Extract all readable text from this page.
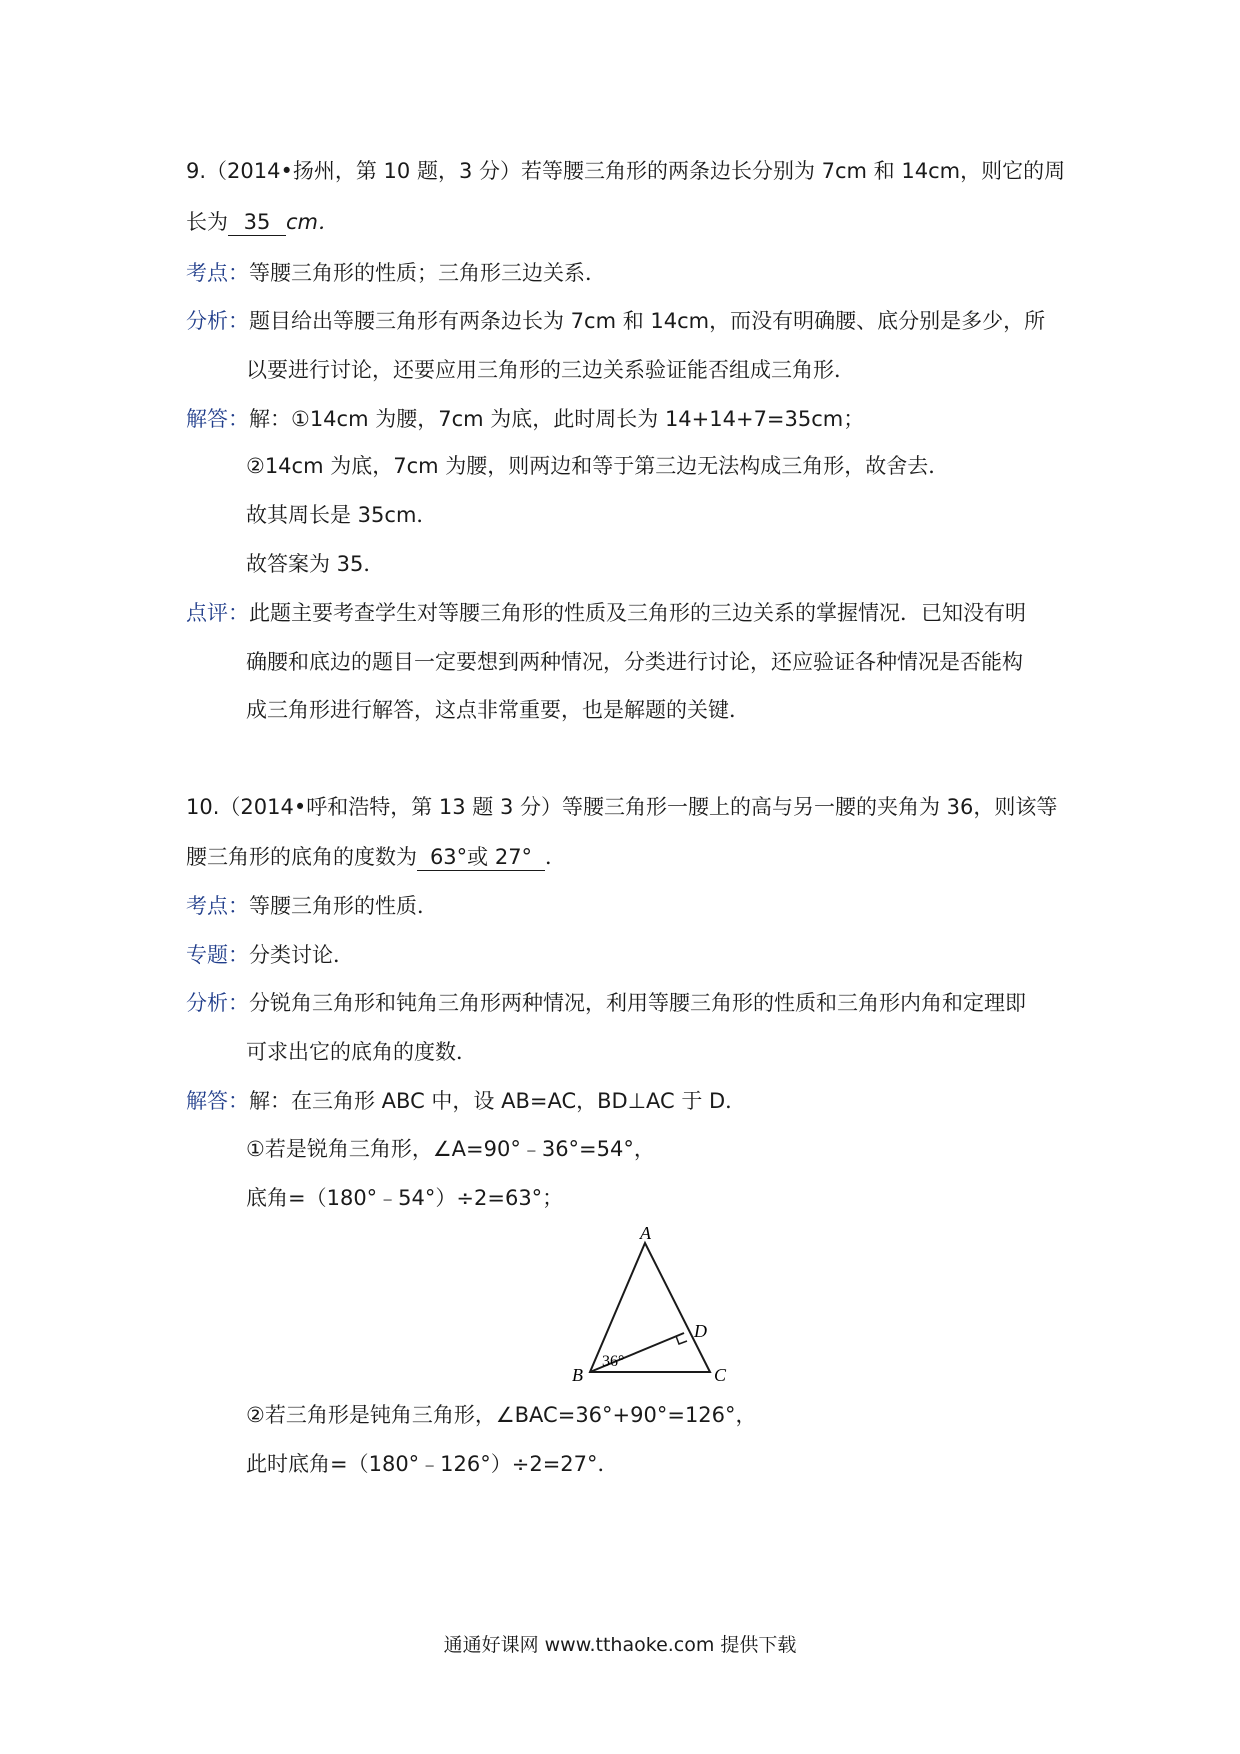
9.（2014•扬州，第 10 题，3 分）若等腰三角形的两条边长分别为 7cm 和 14cm，则它的周
长为 35 cm．
考点：等腰三角形的性质；三角形三边关系．
分析：题目给出等腰三角形有两条边长为 7cm 和 14cm，而没有明确腰、底分别是多少，所
以要进行讨论，还要应用三角形的三边关系验证能否组成三角形．
解答：解：①14cm 为腰，7cm 为底，此时周长为 14+14+7=35cm；
②14cm 为底，7cm 为腰，则两边和等于第三边无法构成三角形，故舍去．
故其周长是 35cm．
故答案为 35．
点评：此题主要考查学生对等腰三角形的性质及三角形的三边关系的掌握情况．已知没有明
确腰和底边的题目一定要想到两种情况，分类进行讨论，还应验证各种情况是否能构
成三角形进行解答，这点非常重要，也是解题的关键．
10.（2014•呼和浩特，第 13 题 3 分）等腰三角形一腰上的高与另一腰的夹角为 36，则该等
腰三角形的底角的度数为 63°或 27° ．
考点：等腰三角形的性质．
专题：分类讨论．
分析：分锐角三角形和钝角三角形两种情况，利用等腰三角形的性质和三角形内角和定理即
可求出它的底角的度数．
解答：解：在三角形 ABC 中，设 AB=AC，BD⊥AC 于 D．
①若是锐角三角形，∠A=90°﹣36°=54°，
底角=（180°﹣54°）÷2=63°；
A
B	C
D
36°
②若三角形是钝角三角形，∠BAC=36°+90°=126°，
此时底角=（180°﹣126°）÷2=27°．
通通好课网 www.tthaoke.com 提供下载
